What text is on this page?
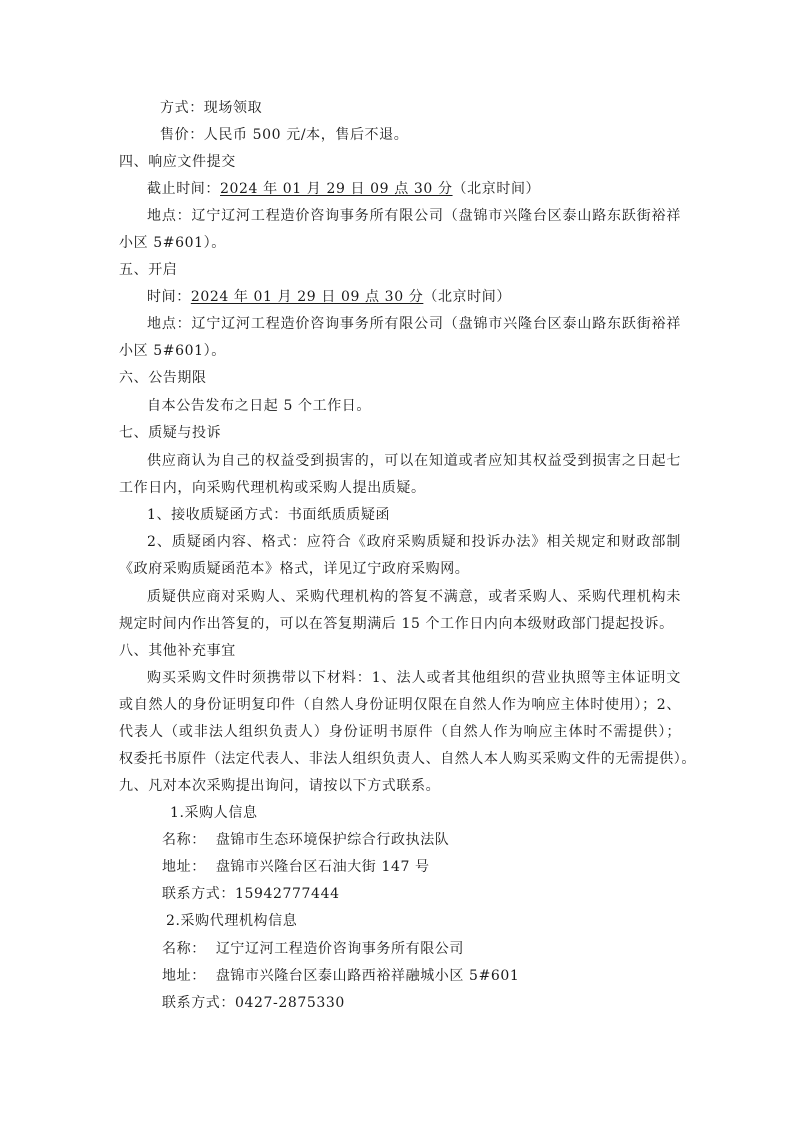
方式：现场领取
售价：人民币 500 元/本，售后不退。
四、响应文件提交
截止时间：2024 年 01 月 29 日 09 点 30 分（北京时间）
地点：辽宁辽河工程造价咨询事务所有限公司（盘锦市兴隆台区泰山路东跃街裕祥
小区 5#601）。
五、开启
时间：2024 年 01 月 29 日 09 点 30 分（北京时间）
地点：辽宁辽河工程造价咨询事务所有限公司（盘锦市兴隆台区泰山路东跃街裕祥
小区 5#601）。
六、公告期限
自本公告发布之日起 5 个工作日。
七、质疑与投诉
供应商认为自己的权益受到损害的，可以在知道或者应知其权益受到损害之日起七
工作日内，向采购代理机构或采购人提出质疑。
1、接收质疑函方式：书面纸质质疑函
2、质疑函内容、格式：应符合《政府采购质疑和投诉办法》相关规定和财政部制
《政府采购质疑函范本》格式，详见辽宁政府采购网。
质疑供应商对采购人、采购代理机构的答复不满意，或者采购人、采购代理机构未
规定时间内作出答复的，可以在答复期满后 15 个工作日内向本级财政部门提起投诉。
八、其他补充事宜
购买采购文件时须携带以下材料：1、法人或者其他组织的营业执照等主体证明文
或自然人的身份证明复印件（自然人身份证明仅限在自然人作为响应主体时使用）；2、
代表人（或非法人组织负责人）身份证明书原件（自然人作为响应主体时不需提供）；
权委托书原件（法定代表人、非法人组织负责人、自然人本人购买采购文件的无需提供）。
九、凡对本次采购提出询问，请按以下方式联系。
1.采购人信息
名称： 盘锦市生态环境保护综合行政执法队
地址： 盘锦市兴隆台区石油大街 147 号
联系方式：15942777444
2.采购代理机构信息
名称： 辽宁辽河工程造价咨询事务所有限公司
地址： 盘锦市兴隆台区泰山路西裕祥融城小区 5#601
联系方式：0427-2875330
